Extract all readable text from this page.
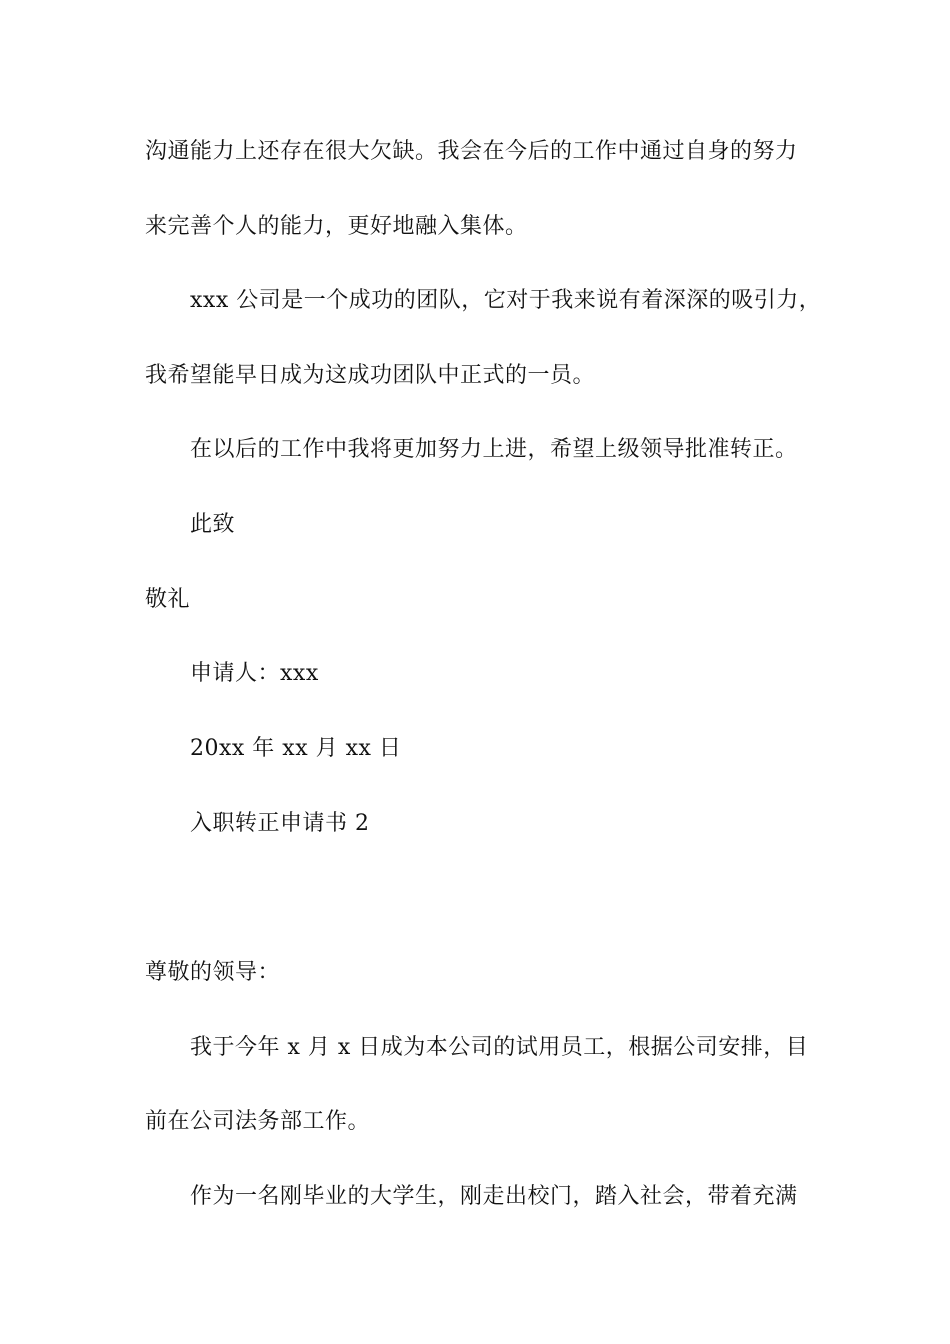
沟通能力上还存在很大欠缺。我会在今后的工作中通过自身的努力
来完善个人的能力，更好地融入集体。
xxx 公司是一个成功的团队，它对于我来说有着深深的吸引力，
我希望能早日成为这成功团队中正式的一员。
在以后的工作中我将更加努力上进，希望上级领导批准转正。
此致
敬礼
申请人：xxx
20xx 年 xx 月 xx 日
入职转正申请书 2
尊敬的领导：
我于今年 x 月 x 日成为本公司的试用员工，根据公司安排，目
前在公司法务部工作。
作为一名刚毕业的大学生，刚走出校门，踏入社会，带着充满
